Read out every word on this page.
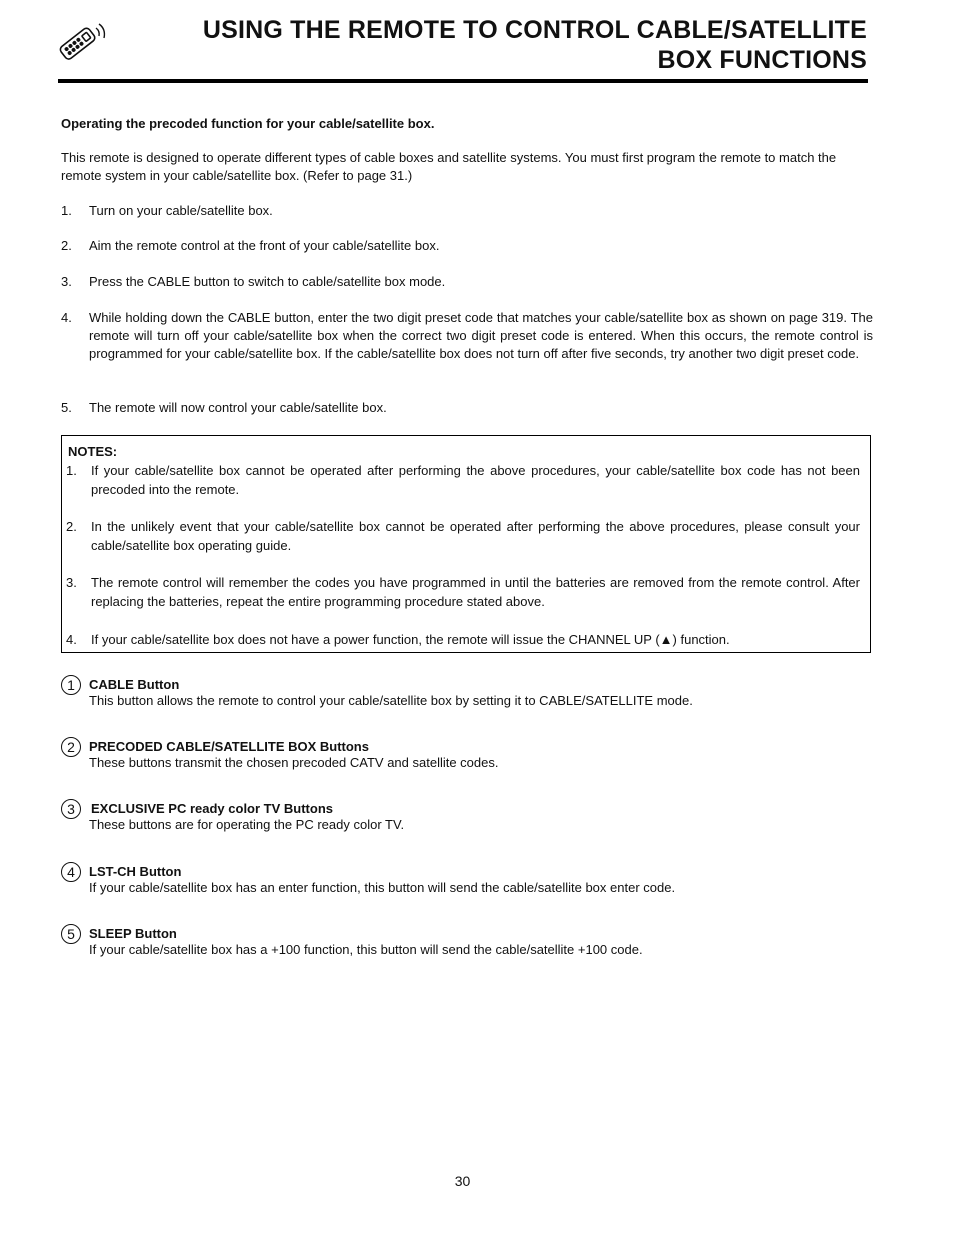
USING THE REMOTE TO CONTROL CABLE/SATELLITE
BOX FUNCTIONS
Operating the precoded function for your cable/satellite box.
This remote is designed to operate different types of cable boxes and satellite systems. You must first program the remote to match the remote system in your cable/satellite box. (Refer to page 31.)
1. Turn on your cable/satellite box.
2. Aim the remote control at the front of your cable/satellite box.
3. Press the CABLE button to switch to cable/satellite box mode.
4. While holding down the CABLE button, enter the two digit preset code that matches your cable/satellite box as shown on page 319. The remote will turn off your cable/satellite box when the correct two digit preset code is entered. When this occurs, the remote control is programmed for your cable/satellite box. If the cable/satellite box does not turn off after five seconds, try another two digit preset code.
5. The remote will now control your cable/satellite box.
NOTES:
1. If your cable/satellite box cannot be operated after performing the above procedures, your cable/satellite box code has not been precoded into the remote.
2. In the unlikely event that your cable/satellite box cannot be operated after performing the above procedures, please consult your cable/satellite box operating guide.
3. The remote control will remember the codes you have programmed in until the batteries are removed from the remote control. After replacing the batteries, repeat the entire programming procedure stated above.
4. If your cable/satellite box does not have a power function, the remote will issue the CHANNEL UP (▲) function.
1	CABLE Button
This button allows the remote to control your cable/satellite box by setting it to CABLE/SATELLITE mode.
2	PRECODED CABLE/SATELLITE BOX Buttons
These buttons transmit the chosen precoded CATV and satellite codes.
3	EXCLUSIVE PC ready color TV Buttons
These buttons are for operating the PC ready color TV.
4	LST-CH Button
If your cable/satellite box has an enter function, this button will send the cable/satellite box enter code.
5	SLEEP Button
If your cable/satellite box has a +100 function, this button will send the cable/satellite +100 code.
30
